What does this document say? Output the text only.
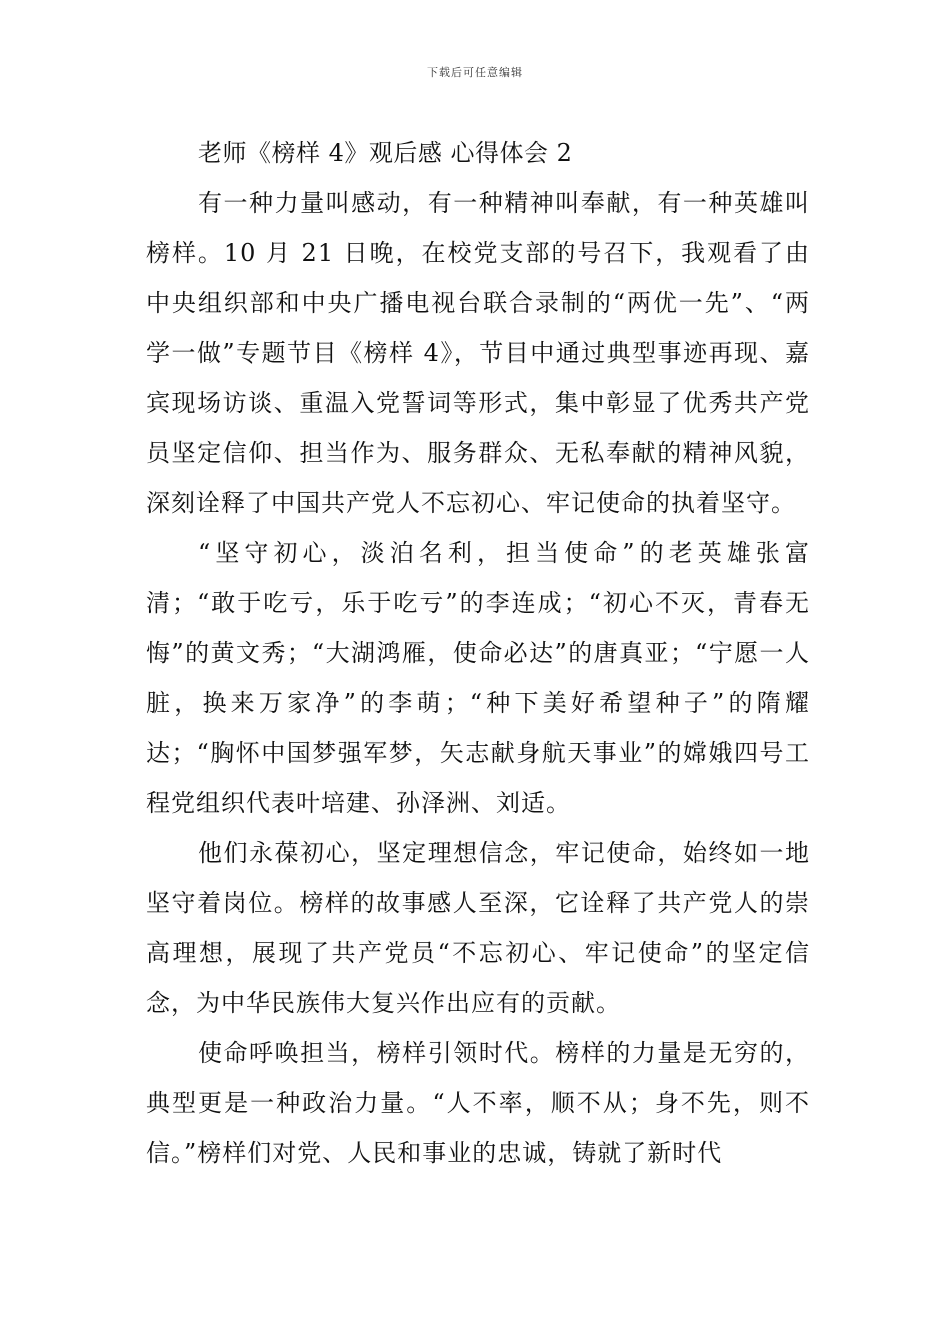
下载后可任意编辑
老师《榜样 4》观后感 心得体会 2

有一种力量叫感动，有一种精神叫奉献，有一种英雄叫榜样。10 月 21 日晚，在校党支部的号召下，我观看了由中央组织部和中央广播电视台联合录制的“两优一先”、“两学一做”专题节目《榜样 4》，节目中通过典型事迹再现、嘉宾现场访谈、重温入党誓词等形式，集中彰显了优秀共产党员坚定信仰、担当作为、服务群众、无私奉献的精神风貌，深刻诠释了中国共产党人不忘初心、牢记使命的执着坚守。

“坚守初心，淡泊名利，担当使命”的老英雄张富清；“敢于吃亏，乐于吃亏”的李连成；“初心不灭，青春无悔”的黄文秀；“大湖鸿雁，使命必达”的唐真亚；“宁愿一人脏，换来万家净”的李萌；“种下美好希望种子”的隋耀达；“胸怀中国梦强军梦，矢志献身航天事业”的嫦娥四号工程党组织代表叶培建、孙泽洲、刘适。

他们永葆初心，坚定理想信念，牢记使命，始终如一地坚守着岗位。榜样的故事感人至深，它诠释了共产党人的崇高理想，展现了共产党员“不忘初心、牢记使命”的坚定信念，为中华民族伟大复兴作出应有的贡献。

使命呼唤担当，榜样引领时代。榜样的力量是无穷的，典型更是一种政治力量。“人不率，顺不从；身不先，则不信。”榜样们对党、人民和事业的忠诚，铸就了新时代
